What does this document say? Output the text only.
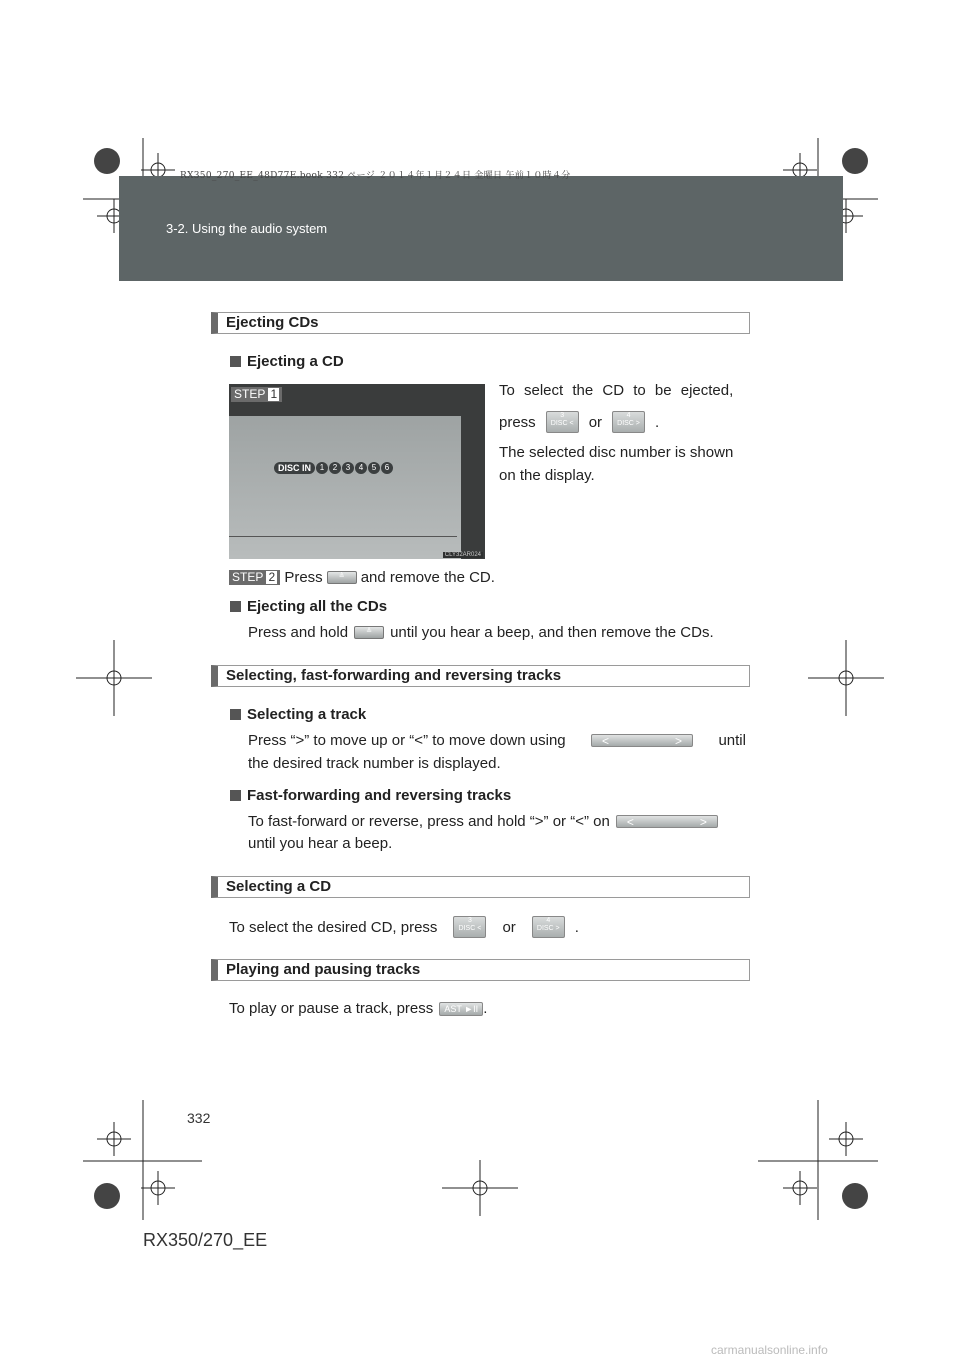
RX350_270_EE_48D77E.book 332 ページ ２０１４年１月２４日 金曜日 午前１０時４分
3-2. Using the audio system
Ejecting CDs
Ejecting a CD
STEP 1
DISC IN	1	2	3	4	5	6
CLY32AR024
To select the CD to be ejected,
press	3
DISC <	or	4
DISC >	.
The selected disc number is shown
on the display.
STEP 2 Press	≜	and remove the CD.
Ejecting all the CDs
Press and hold	≜	until you hear a beep, and then remove the CDs.
Selecting, fast-forwarding and reversing tracks
Selecting a track
Press “>” to move up or “<” to move down using	<	> until
the desired track number is displayed.
Fast-forwarding and reversing tracks
To fast-forward or reverse, press and hold “>” or “<” on <	>
until you hear a beep.
Selecting a CD
To select the desired CD, press	3
DISC <	or	4
DISC >	.
Playing and pausing tracks
To play or pause a track, press	AST ►II .
332
RX350/270_EE
carmanualsonline.info
